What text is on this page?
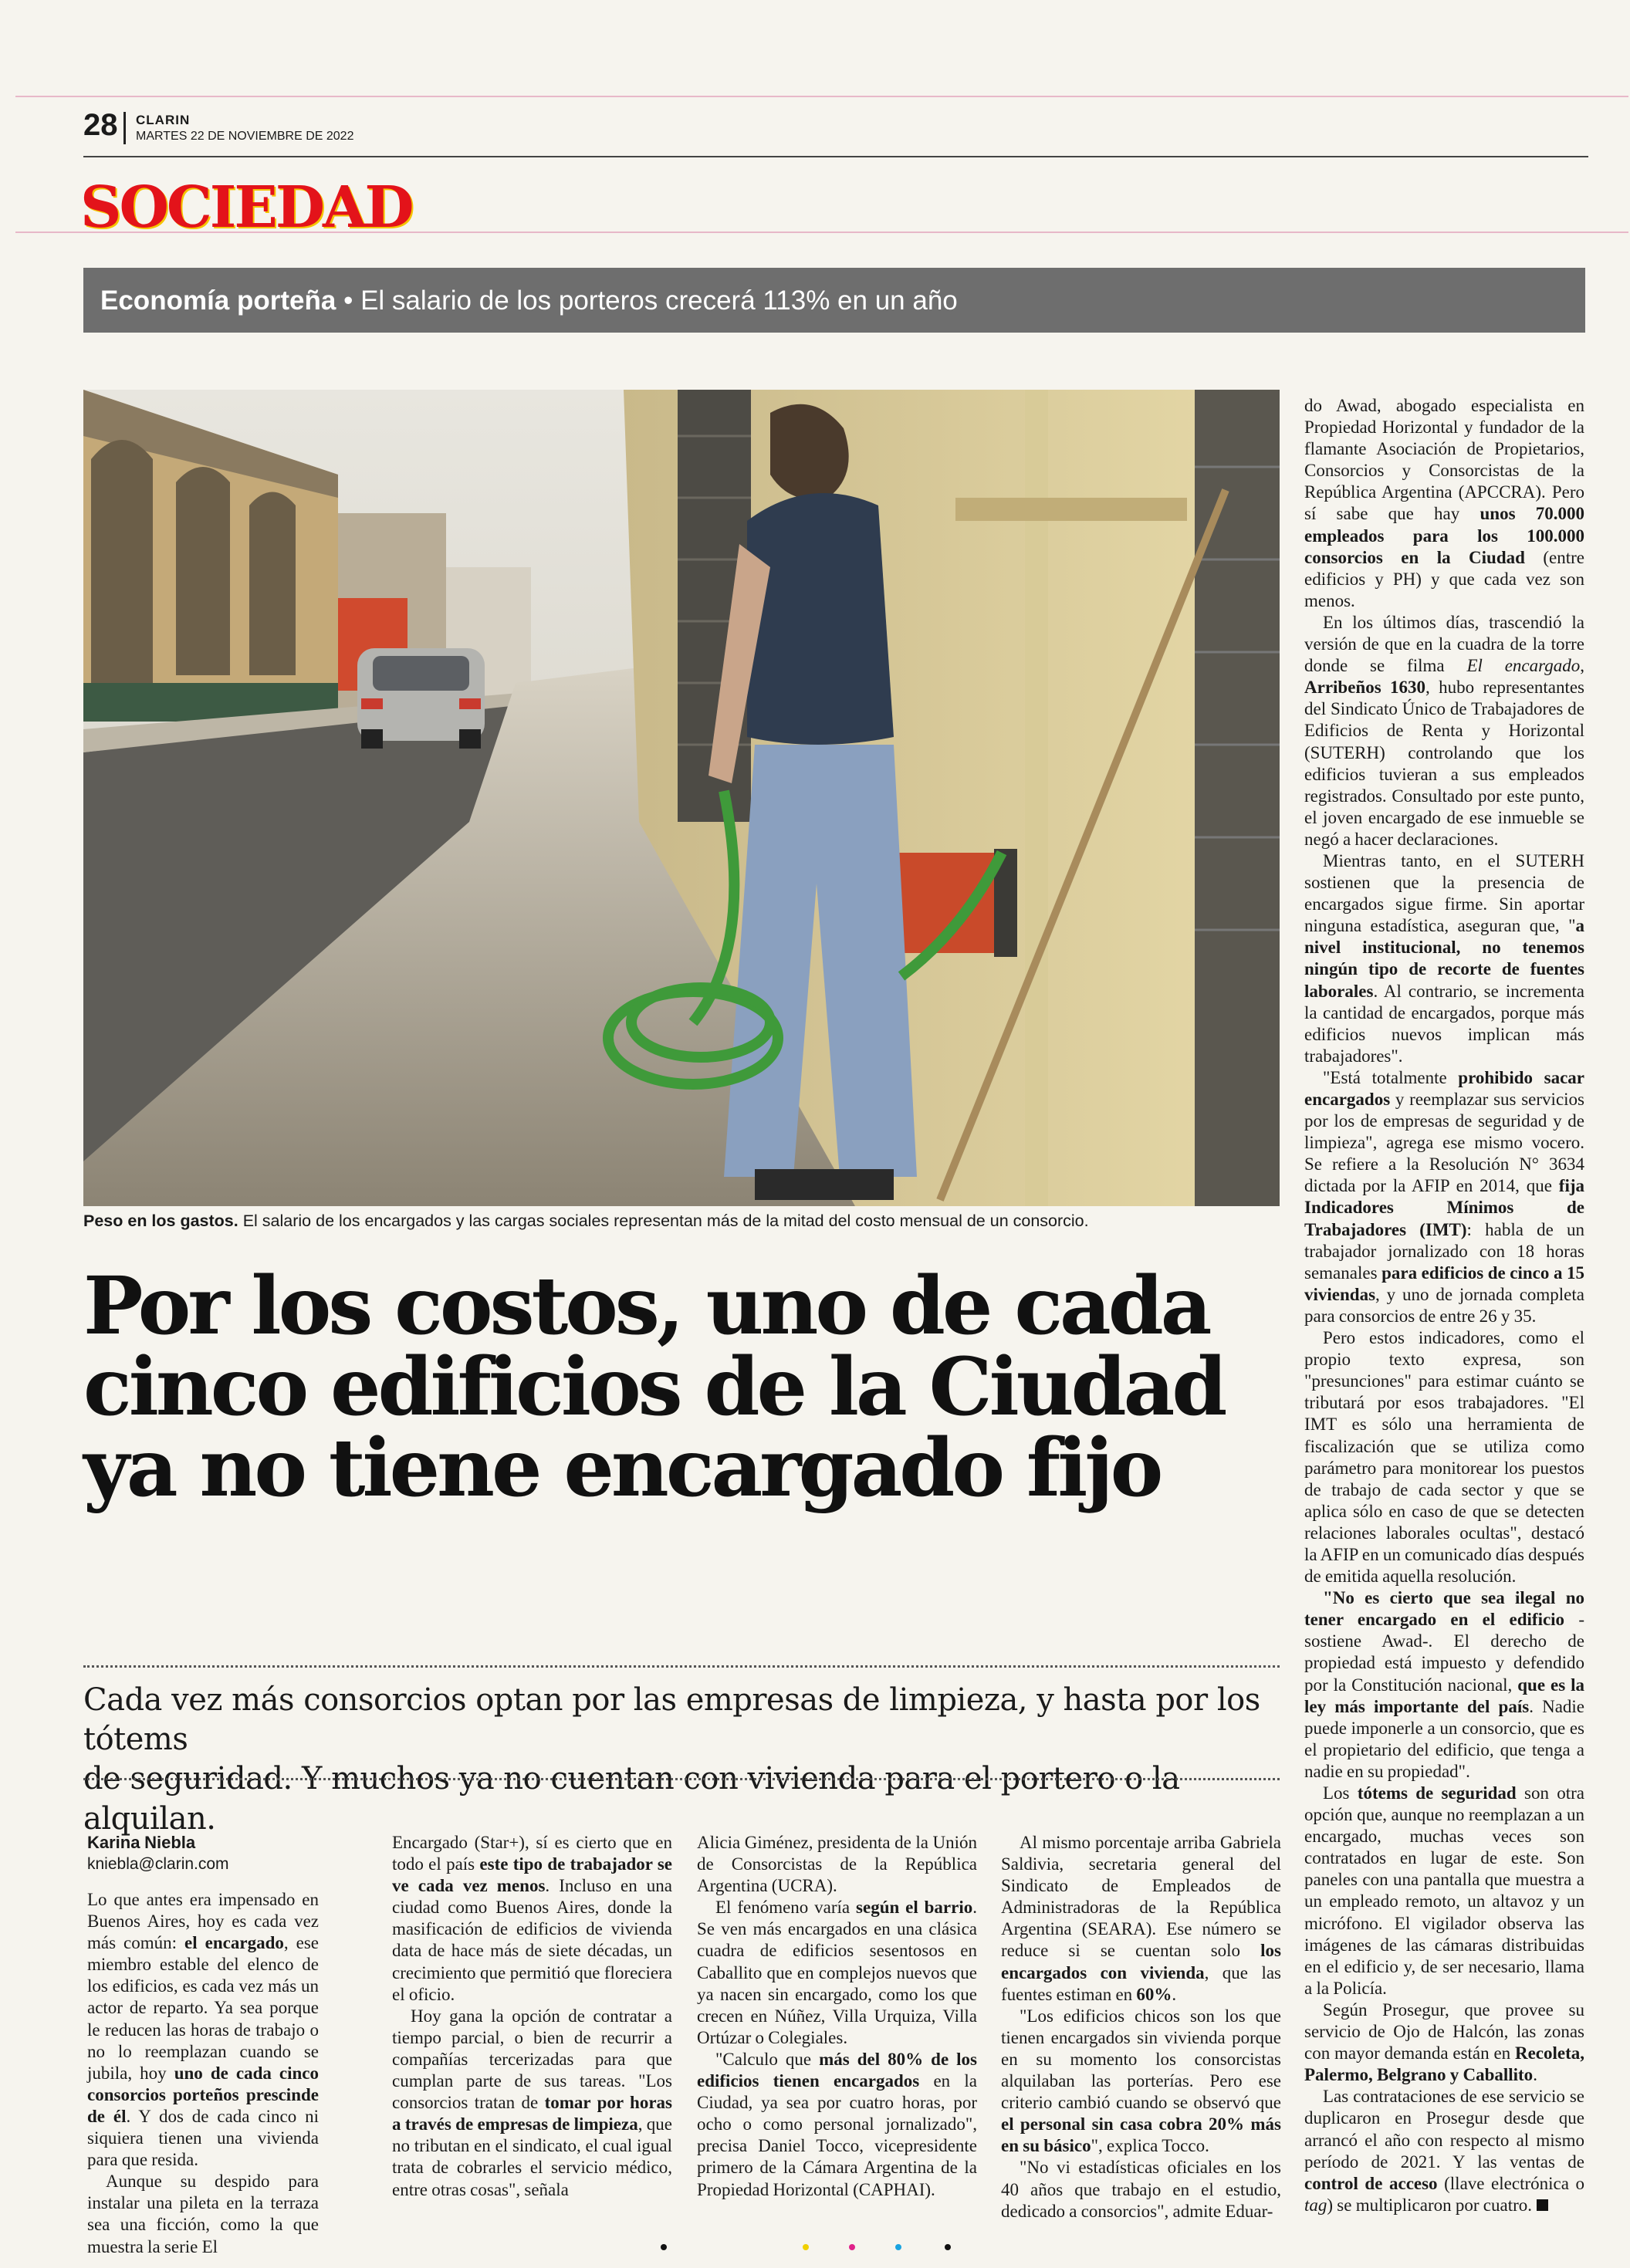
28 CLARIN
MARTES 22 DE NOVIEMBRE DE 2022
SOCIEDAD
Economía porteña • El salario de los porteros crecerá 113% en un año
Peso en los gastos. El salario de los encargados y las cargas sociales representan más de la mitad del costo mensual de un consorcio.
Por los costos, uno de cada
cinco edificios de la Ciudad
ya no tiene encargado fijo
Cada vez más consorcios optan por las empresas de limpieza, y hasta por los tótems
de seguridad. Y muchos ya no cuentan con vivienda para el portero o la alquilan.
Karina Niebla
kniebla@clarin.com

Lo que antes era impensado en Buenos Aires, hoy es cada vez más común: el encargado, ese miembro estable del elenco de los edificios, es cada vez más un actor de reparto. Ya sea porque le reducen las horas de trabajo o no lo reemplazan cuando se jubila, hoy uno de cada cinco consorcios porteños prescinde de él. Y dos de cada cinco ni siquiera tienen una vivienda para que resida.

Aunque su despido para instalar una pileta en la terraza sea una ficción, como la que muestra la serie El

Encargado (Star+), sí es cierto que en todo el país este tipo de trabajador se ve cada vez menos. Incluso en una ciudad como Buenos Aires, donde la masificación de edificios de vivienda data de hace más de siete décadas, un crecimiento que permitió que floreciera el oficio.

Hoy gana la opción de contratar a tiempo parcial, o bien de recurrir a compañías tercerizadas para que cumplan parte de sus tareas. "Los consorcios tratan de tomar por horas a través de empresas de limpieza, que no tributan en el sindicato, el cual igual trata de cobrarles el servicio médico, entre otras cosas", señala

Alicia Giménez, presidenta de la Unión de Consorcistas de la República Argentina (UCRA).

El fenómeno varía según el barrio. Se ven más encargados en una clásica cuadra de edificios sesentosos en Caballito que en complejos nuevos que ya nacen sin encargado, como los que crecen en Núñez, Villa Urquiza, Villa Ortúzar o Colegiales.

"Calculo que más del 80% de los edificios tienen encargados en la Ciudad, ya sea por cuatro horas, por ocho o como personal jornalizado", precisa Daniel Tocco, vicepresidente primero de la Cámara Argentina de la Propiedad Horizontal (CAPHAI).

Al mismo porcentaje arriba Gabriela Saldivia, secretaria general del Sindicato de Empleados de Administradoras de la República Argentina (SEARA). Ese número se reduce si se cuentan solo los encargados con vivienda, que las fuentes estiman en 60%.

"Los edificios chicos son los que tienen encargados sin vivienda porque en su momento los consorcistas alquilaban las porterías. Pero ese criterio cambió cuando se observó que el personal sin casa cobra 20% más en su básico", explica Tocco.

"No vi estadísticas oficiales en los 40 años que trabajo en el estudio, dedicado a consorcios", admite Eduar-

do Awad, abogado especialista en Propiedad Horizontal y fundador de la flamante Asociación de Propietarios, Consorcios y Consorcistas de la República Argentina (APCCRA). Pero sí sabe que hay unos 70.000 empleados para los 100.000 consorcios en la Ciudad (entre edificios y PH) y que cada vez son menos.

En los últimos días, trascendió la versión de que en la cuadra de la torre donde se filma El encargado, Arribeños 1630, hubo representantes del Sindicato Único de Trabajadores de Edificios de Renta y Horizontal (SUTERH) controlando que los edificios tuvieran a sus empleados registrados. Consultado por este punto, el joven encargado de ese inmueble se negó a hacer declaraciones.

Mientras tanto, en el SUTERH sostienen que la presencia de encargados sigue firme. Sin aportar ninguna estadística, aseguran que, "a nivel institucional, no tenemos ningún tipo de recorte de fuentes laborales. Al contrario, se incrementa la cantidad de encargados, porque más edificios nuevos implican más trabajadores".

"Está totalmente prohibido sacar encargados y reemplazar sus servicios por los de empresas de seguridad y de limpieza", agrega ese mismo vocero. Se refiere a la Resolución N° 3634 dictada por la AFIP en 2014, que fija Indicadores Mínimos de Trabajadores (IMT): habla de un trabajador jornalizado con 18 horas semanales para edificios de cinco a 15 viviendas, y uno de jornada completa para consorcios de entre 26 y 35.

Pero estos indicadores, como el propio texto expresa, son "presunciones" para estimar cuánto se tributará por esos trabajadores. "El IMT es sólo una herramienta de fiscalización que se utiliza como parámetro para monitorear los puestos de trabajo de cada sector y que se aplica sólo en caso de que se detecten relaciones laborales ocultas", destacó la AFIP en un comunicado días después de emitida aquella resolución.

"No es cierto que sea ilegal no tener encargado en el edificio -sostiene Awad-. El derecho de propiedad está impuesto y defendido por la Constitución nacional, que es la ley más importante del país. Nadie puede imponerle a un consorcio, que es el propietario del edificio, que tenga a nadie en su propiedad".

Los tótems de seguridad son otra opción que, aunque no reemplazan a un encargado, muchas veces son contratados en lugar de este. Son paneles con una pantalla que muestra a un empleado remoto, un altavoz y un micrófono. El vigilador observa las imágenes de las cámaras distribuidas en el edificio y, de ser necesario, llama a la Policía.

Según Prosegur, que provee su servicio de Ojo de Halcón, las zonas con mayor demanda están en Recoleta, Palermo, Belgrano y Caballito.

Las contrataciones de ese servicio se duplicaron en Prosegur desde que arrancó el año con respecto al mismo período de 2021. Y las ventas de control de acceso (llave electrónica o tag) se multiplicaron por cuatro.
